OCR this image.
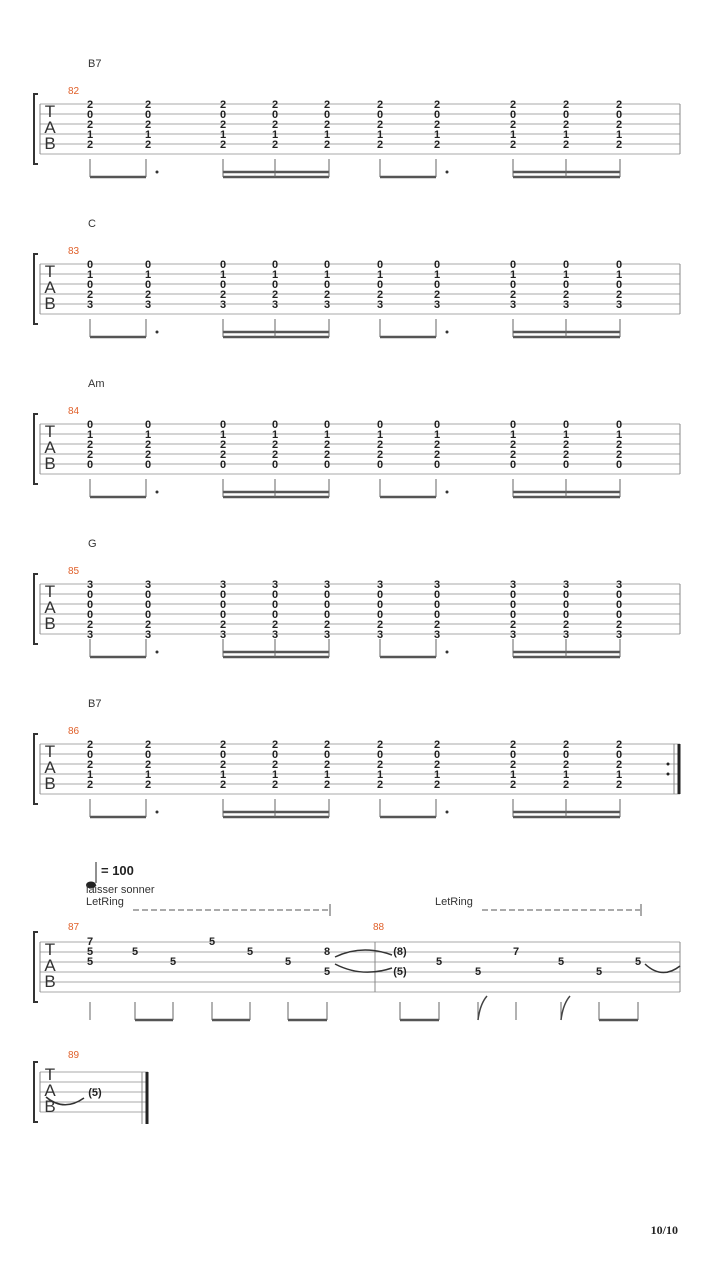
B7
82
T
A
B
2
0
2
1
2
2
0
2
1
2
2
0
2
1
2
2
0
2
1
2
2
0
2
1
2
2
0
2
1
2
2
0
2
1
2
2
0
2
1
2
2
0
2
1
2
2
0
2
1
2
C
83
T
A
B
0
1
0
2
3
0
1
0
2
3
0
1
0
2
3
0
1
0
2
3
0
1
0
2
3
0
1
0
2
3
0
1
0
2
3
0
1
0
2
3
0
1
0
2
3
0
1
0
2
3
Am
84
T
A
B
0
1
2
2
0
0
1
2
2
0
0
1
2
2
0
0
1
2
2
0
0
1
2
2
0
0
1
2
2
0
0
1
2
2
0
0
1
2
2
0
0
1
2
2
0
0
1
2
2
0
G
85
T
A
B
3
0
0
0
2
3
3
0
0
0
2
3
3
0
0
0
2
3
3
0
0
0
2
3
3
0
0
0
2
3
3
0
0
0
2
3
3
0
0
0
2
3
3
0
0
0
2
3
3
0
0
0
2
3
3
0
0
0
2
3
B7
86
T
A
B
2
0
2
1
2
2
0
2
1
2
2
0
2
1
2
2
0
2
1
2
2
0
2
1
2
2
0
2
1
2
2
0
2
1
2
2
0
2
1
2
2
0
2
1
2
2
0
2
1
2
= 100
laisser sonner
LetRing	LetRing
T
A
B
87	88
7
5
5
5
5
5
5
5
8
5
(8)
(5)
5
5
7
5
5
5
89
T
A
B
(5)
10/10
